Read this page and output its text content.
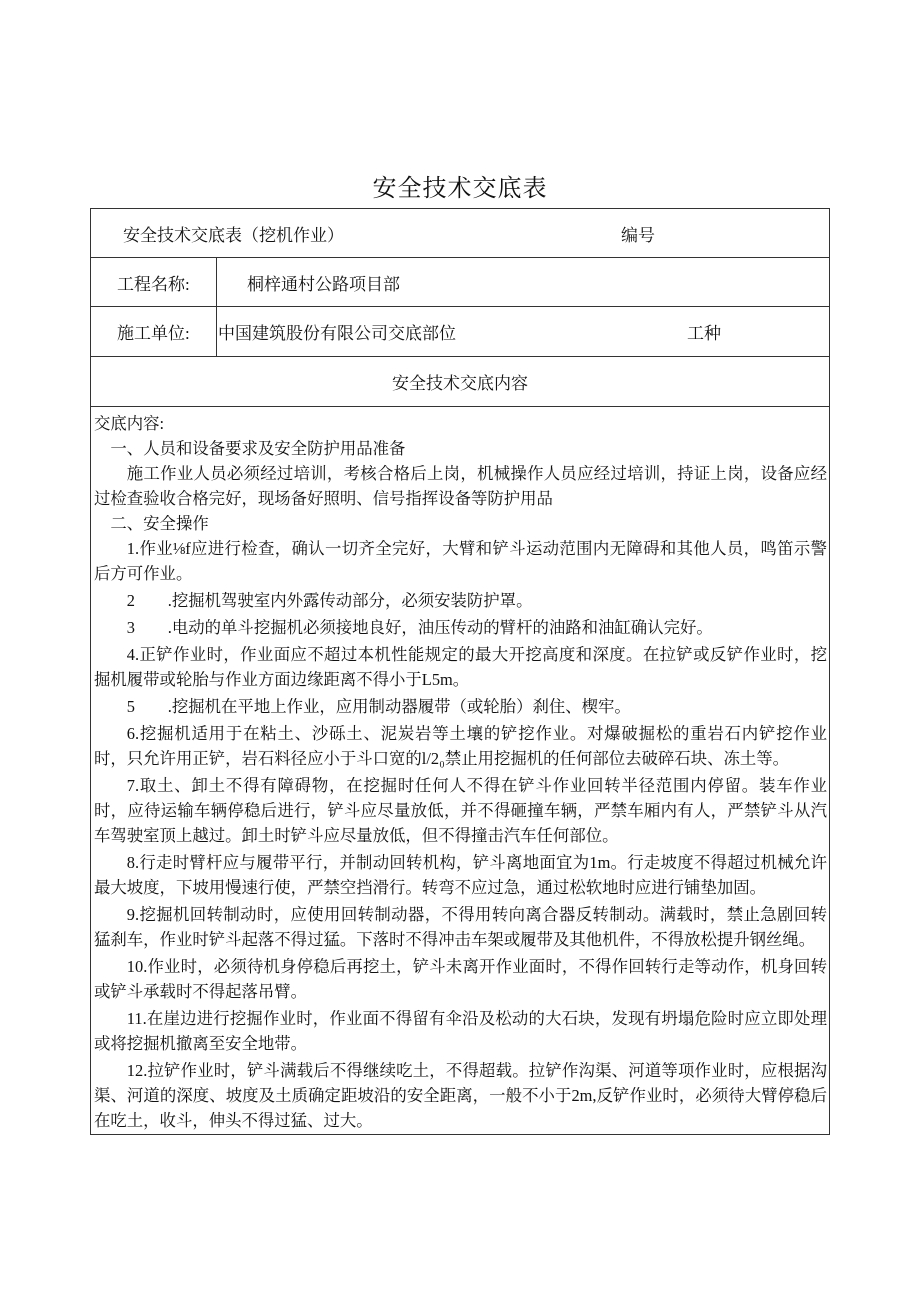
安全技术交底表
安全技术交底表（挖机作业）	编号
工程名称:	桐梓通村公路项目部
施工单位: 中国建筑股份有限公司交底部位	工种
安全技术交底内容

交底内容:

一、人员和设备要求及安全防护用品准备

施工作业人员必须经过培训，考核合格后上岗，机械操作人员应经过培训，持证上岗，设备应经过检查验收合格完好，现场备好照明、信号指挥设备等防护用品

二、安全操作

1.作业⅛f应进行检查，确认一切齐全完好，大臂和铲斗运动范围内无障碍和其他人员，鸣笛示警后方可作业。

2　　.挖掘机驾驶室内外露传动部分，必须安装防护罩。

3　　.电动的单斗挖掘机必须接地良好，油压传动的臂杆的油路和油缸确认完好。

4.正铲作业时，作业面应不超过本机性能规定的最大开挖高度和深度。在拉铲或反铲作业时，挖掘机履带或轮胎与作业方面边缘距离不得小于L5m。

5　　.挖掘机在平地上作业，应用制动器履带（或轮胎）刹住、楔牢。

6.挖掘机适用于在粘土、沙砾土、泥炭岩等土壤的铲挖作业。对爆破掘松的重岩石内铲挖作业时，只允许用正铲，岩石料径应小于斗口宽的l/2₀禁止用挖掘机的任何部位去破碎石块、冻土等。

7.取土、卸土不得有障碍物，在挖掘时任何人不得在铲斗作业回转半径范围内停留。装车作业时，应待运输车辆停稳后进行，铲斗应尽量放低，并不得砸撞车辆，严禁车厢内有人，严禁铲斗从汽车驾驶室顶上越过。卸土时铲斗应尽量放低，但不得撞击汽车任何部位。

8.行走时臂杆应与履带平行，并制动回转机构，铲斗离地面宜为1m。行走坡度不得超过机械允许最大坡度，下坡用慢速行使，严禁空挡滑行。转弯不应过急，通过松软地时应进行铺垫加固。

9.挖掘机回转制动时，应使用回转制动器，不得用转向离合器反转制动。满载时，禁止急剧回转猛刹车，作业时铲斗起落不得过猛。下落时不得冲击车架或履带及其他机件，不得放松提升钢丝绳。

10.作业时，必须待机身停稳后再挖土，铲斗未离开作业面时，不得作回转行走等动作，机身回转或铲斗承载时不得起落吊臂。

11.在崖边进行挖掘作业时，作业面不得留有伞沿及松动的大石块，发现有坍塌危险时应立即处理或将挖掘机撤离至安全地带。

12.拉铲作业时，铲斗满载后不得继续吃土，不得超载。拉铲作沟渠、河道等项作业时，应根据沟渠、河道的深度、坡度及土质确定距坡沿的安全距离，一般不小于2m,反铲作业时，必须待大臂停稳后在吃土，收斗，伸头不得过猛、过大。
